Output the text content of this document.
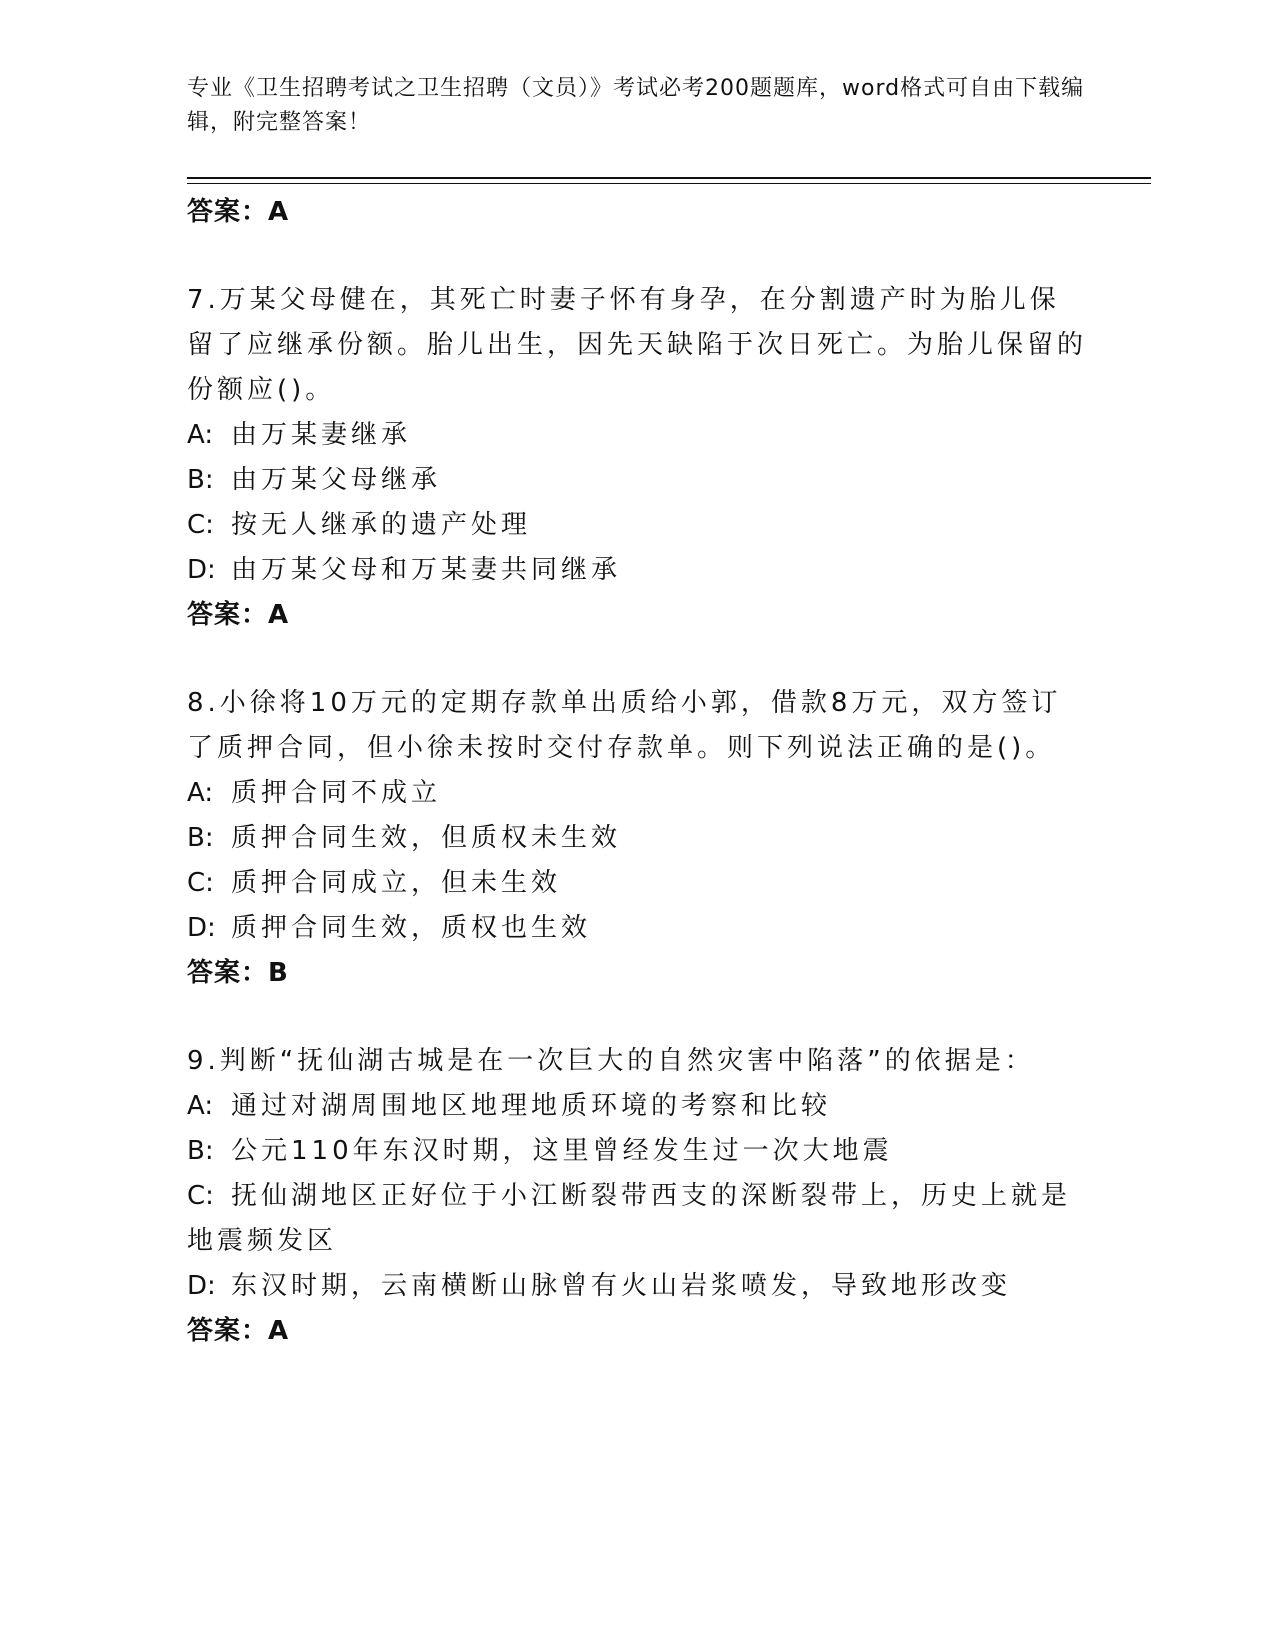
专业《卫生招聘考试之卫生招聘（文员）》考试必考200题题库，word格式可自由下载编辑，附完整答案！

答案：A

7.万某父母健在，其死亡时妻子怀有身孕，在分割遗产时为胎儿保留了应继承份额。胎儿出生，因先天缺陷于次日死亡。为胎儿保留的份额应()。

A: 由万某妻继承

B: 由万某父母继承

C: 按无人继承的遗产处理

D: 由万某父母和万某妻共同继承

答案：A

8.小徐将10万元的定期存款单出质给小郭，借款8万元，双方签订了质押合同，但小徐未按时交付存款单。则下列说法正确的是()。

A: 质押合同不成立

B: 质押合同生效，但质权未生效

C: 质押合同成立，但未生效

D: 质押合同生效，质权也生效

答案：B

9.判断“抚仙湖古城是在一次巨大的自然灾害中陷落”的依据是：

A: 通过对湖周围地区地理地质环境的考察和比较

B: 公元110年东汉时期，这里曾经发生过一次大地震

C: 抚仙湖地区正好位于小江断裂带西支的深断裂带上，历史上就是地震频发区

D: 东汉时期，云南横断山脉曾有火山岩浆喷发，导致地形改变

答案：A
